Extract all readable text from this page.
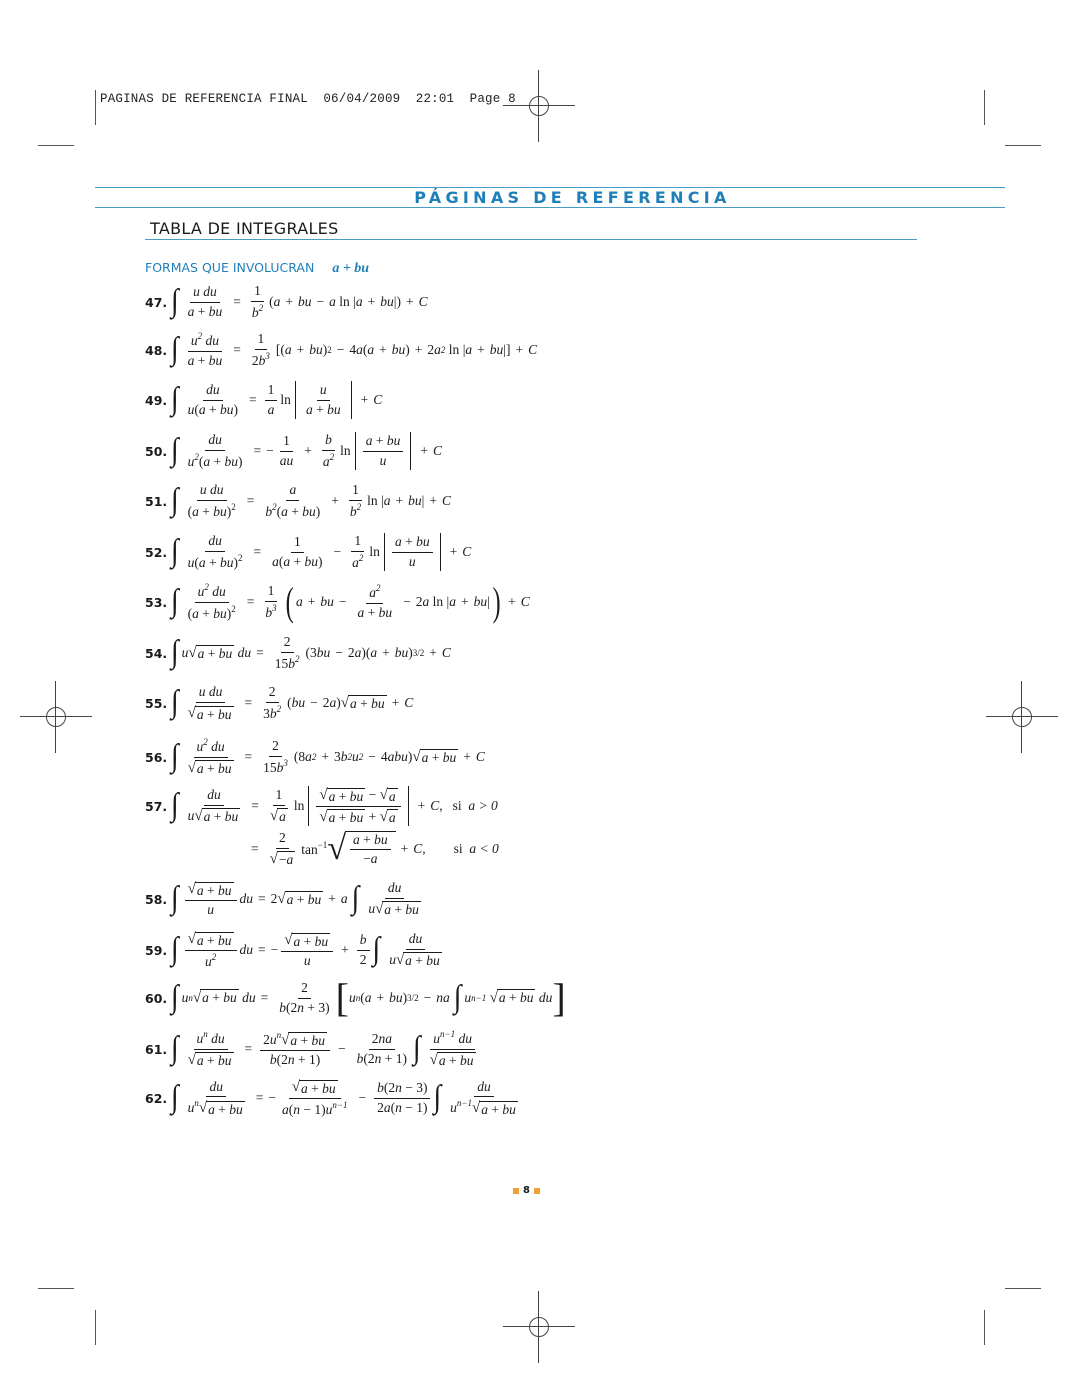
PAGINAS DE REFERENCIA FINAL  06/04/2009  22:01  Page 8
PÁGINAS DE REFERENCIA
TABLA DE INTEGRALES
FORMAS QUE INVOLUCRAN a + bu
47. ∫ $\frac{\text{u du}}{a + bu} = \frac{1}{b^2}$ ( a + bu − a ln
| a + bu |) + C
48. ∫ $\frac{u^2 du}{a + bu} = \frac{1}{2b^3}$ [( a + bu ) 2 − 4 a ( a + bu ) + 2 a 2 ln
| a + bu |] + C
49. ∫ $\frac{du}{u(a + bu)} = \frac{1}{a}$ $\ln \frac{u}{a + bu} + C$
50. ∫ $\frac{du}{u^2(a + bu)}$ = − $\frac{1}{au} + \frac{b}{a^2}$ $\ln \frac{a + bu}{u} + C$
51. ∫ $\frac{\text{u du}}{(a + bu)^2} = \frac{a}{b^2(a + bu)} + \frac{1}{b^2}$ ln
| a + bu | + C
52. ∫ $\frac{du}{u(a + bu)^2} = \frac{1}{a(a + bu)} - \frac{1}{a^2}$ $\ln \frac{a + bu}{u} + C$
53. ∫ $\frac{u^2 du}{(a + bu)^2} = \frac{1}{b^3}$ ( a + bu − $\frac{a^2}{a + bu} - 2$ a ln
| a + bu | ) + C
54. ∫ u √ a + bu du = $\frac{2}{15b^2} (3$ bu − 2 a )( a + bu ) 3/2 + C
55. ∫ $\frac{\text{u du}}{√ a + bu} = \frac{2}{3b^2}$ ( bu − 2 a ) √ a + bu + C
56. ∫ $\frac{u^2 du}{√ a + bu} = \frac{2}{15b^3} (8$ a 2 + 3 b 2 u 2 − 4 abu ) √ a + bu + C
57. ∫ $\frac{du}{u √ a + bu} = \frac{1}{√ a}$ $\ln \frac{√ a + bu - √ a}{√ a + bu + √ a} + C$ , si a > 0
= $\frac{2}{√ -a} \tan^{-1}$ √ $\frac{a + bu}{-a} + C$ , si a < 0
58. ∫ $\frac{√ a + bu}{u}$ du = 2 √ a + bu + a ∫ $\frac{du}{u √ a + bu}$
59. ∫ $\frac{√ a + bu}{u^2}$ du = − $\frac{√ a + bu}{u} + \frac{b}{2}$ ∫ $\frac{du}{u √ a + bu}$
60. ∫ u n √ a + bu du = $\frac{2}{b(2n + 3)}$ [ u n ( a + bu ) 3/2 − na ∫ u n−1
√ a + bu du ]
61. ∫ $\frac{u^n du}{√ a + bu} = \frac{2u^n √ a + bu}{b(2n + 1)} - \frac{2na}{b(2n + 1)}$ ∫ $\frac{u^{n-1} du}{√ a + bu}$
62. ∫ $\frac{du}{u^n √ a + bu}$ = − $\frac{√ a + bu}{a(n - 1)u^{n-1}} - \frac{b(2n - 3)}{2a(n - 1)}$ ∫ $\frac{du}{u^{n-1} √ a + bu}$
8
